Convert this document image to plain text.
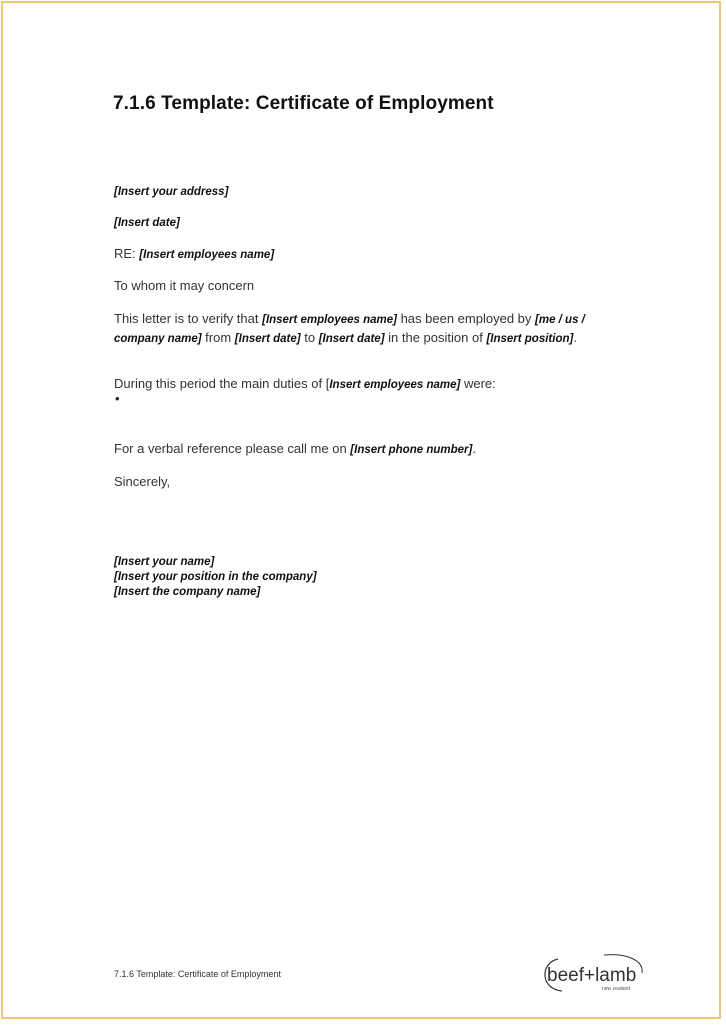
7.1.6 Template: Certificate of Employment
[Insert your address]
[Insert date]
RE: [Insert employees name]
To whom it may concern
This letter is to verify that [Insert employees name] has been employed by [me / us / company name] from [Insert date] to [Insert date] in the position of [Insert position].
During this period the main duties of [Insert employees name] were:
•
For a verbal reference please call me on [Insert phone number].
Sincerely,
[Insert your name]
[Insert your position in the company]
[Insert the company name]
7.1.6 Template: Certificate of Employment	beef+lamb
new zealand
